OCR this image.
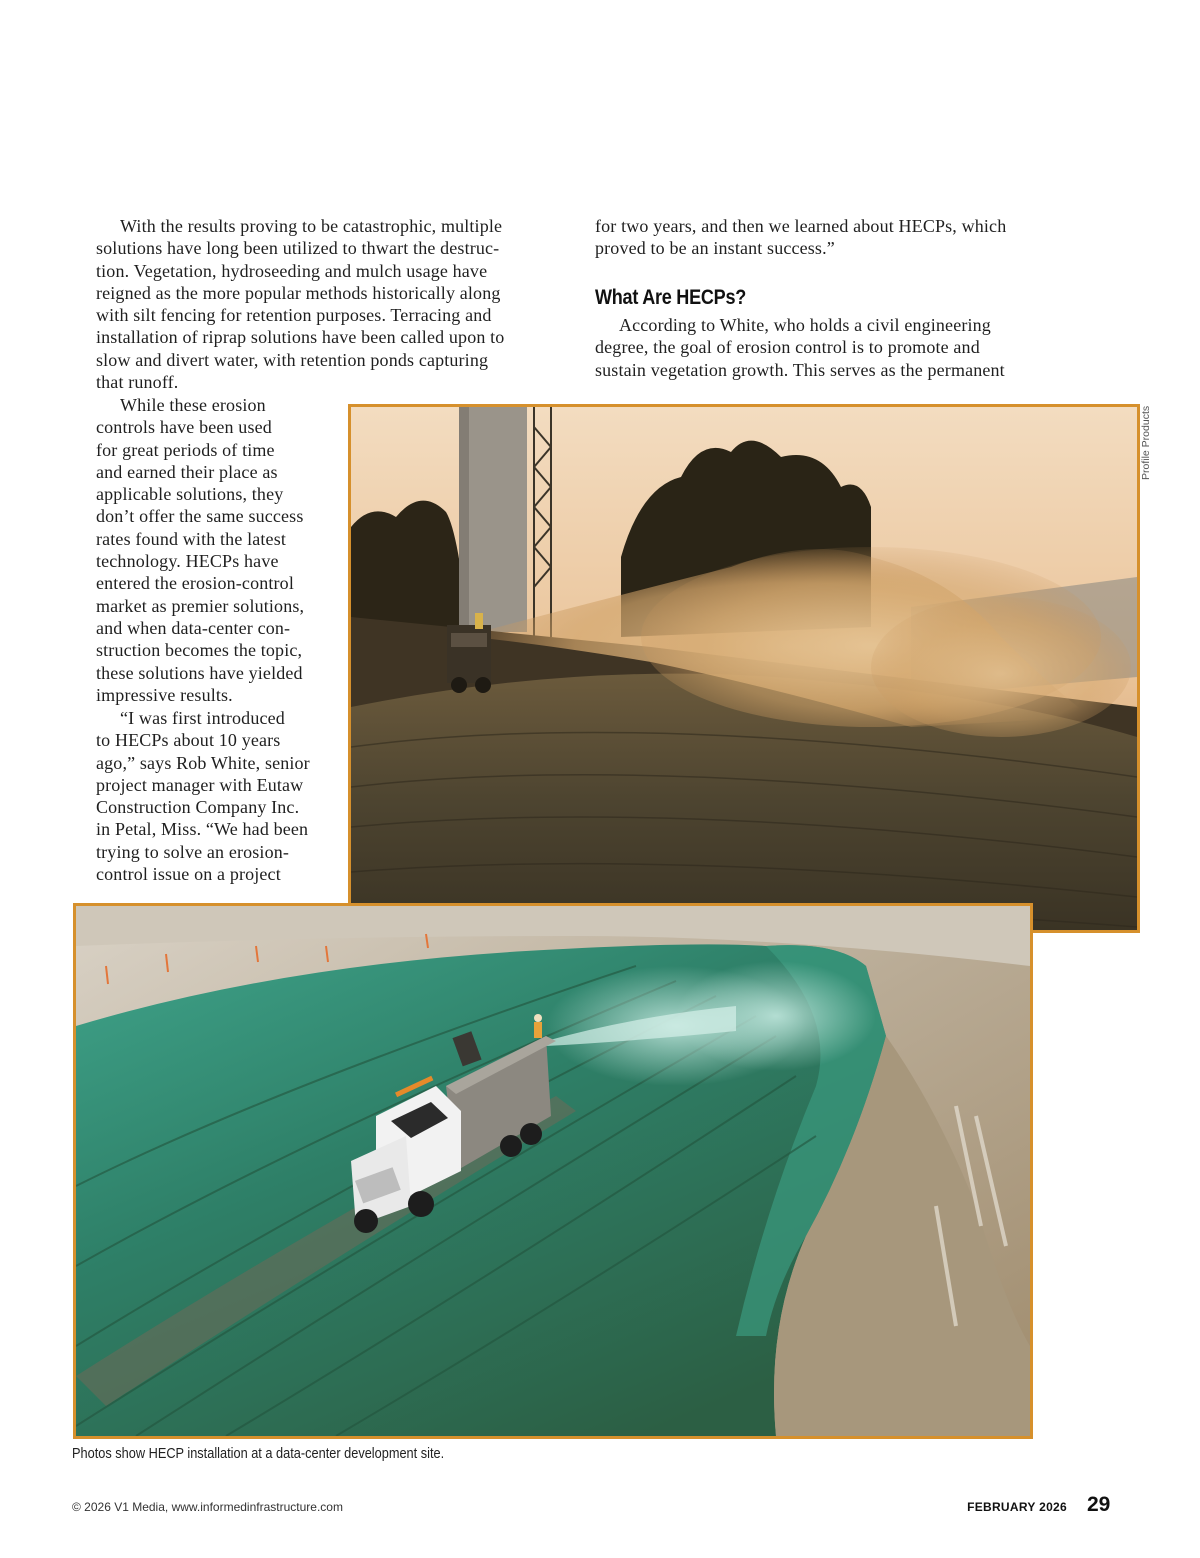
With the results proving to be catastrophic, multiple
solutions have long been utilized to thwart the destruc-
tion. Vegetation, hydroseeding and mulch usage have
reigned as the more popular methods historically along
with silt fencing for retention purposes. Terracing and
installation of riprap solutions have been called upon to
slow and divert water, with retention ponds capturing
that runoff.
While these erosion
controls have been used
for great periods of time
and earned their place as
applicable solutions, they
don’t offer the same success
rates found with the latest
technology. HECPs have
entered the erosion-control
market as premier solutions,
and when data-center con-
struction becomes the topic,
these solutions have yielded
impressive results.
“I was first introduced
to HECPs about 10 years
ago,” says Rob White, senior
project manager with Eutaw
Construction Company Inc.
in Petal, Miss. “We had been
trying to solve an erosion-
control issue on a project
for two years, and then we learned about HECPs, which
proved to be an instant success.”
What Are HECPs?
According to White, who holds a civil engineering
degree, the goal of erosion control is to promote and
sustain vegetation growth. This serves as the permanent
Profile Products
Photos show HECP installation at a data-center development site.
© 2026 V1 Media, www.informedinfrastructure.com	FEBRUARY 2026 29
